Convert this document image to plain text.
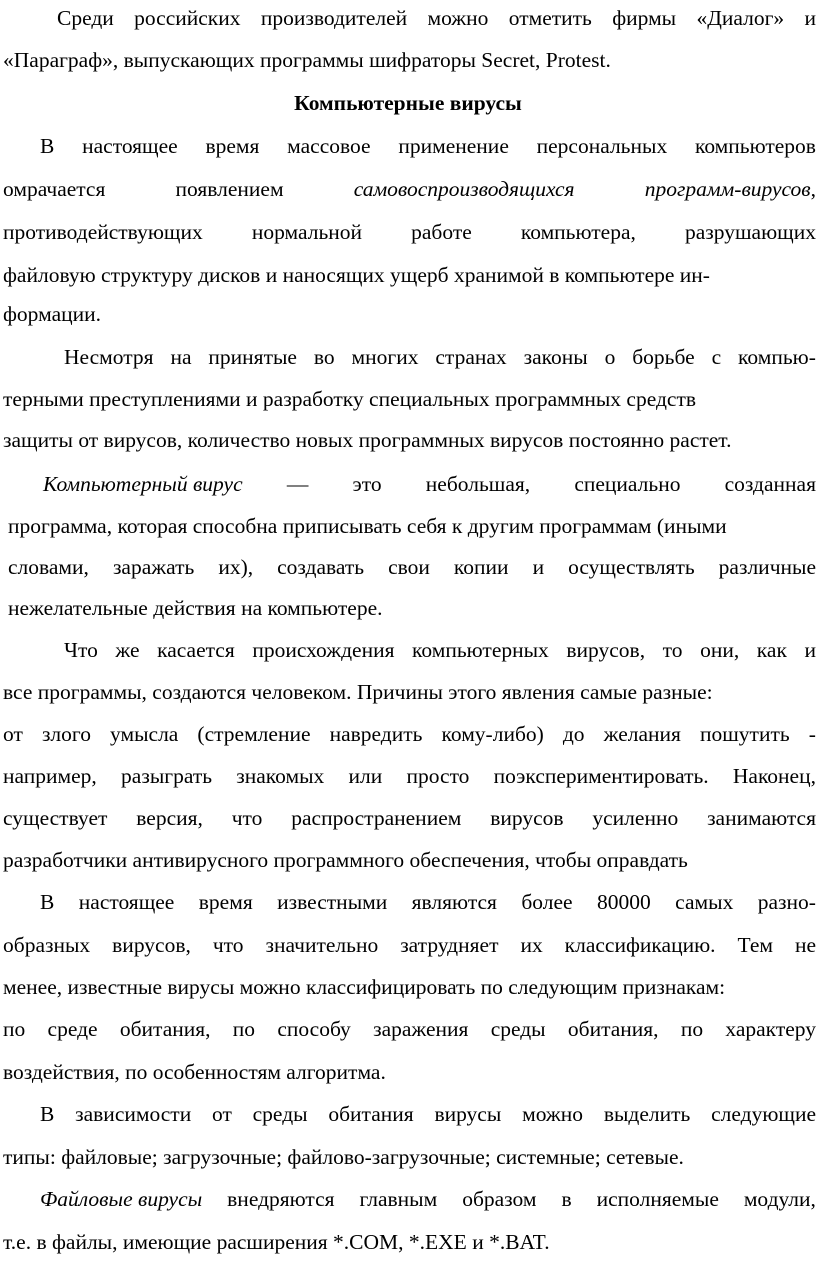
Среди российских производителей можно отметить фирмы «Диалог» и
«Параграф», выпускающих программы шифраторы Secret, Protest.
Компьютерные вирусы
В настоящее время массовое применение персональных компьютеров
омрачается	появлением	самовоспроизводящихся	программ-вирусов,
противодействующих нормальной работе компьютера, разрушающих
файловую структуру дисков и наносящих ущерб хранимой в компьютере ин-
формации.
Несмотря на принятые во многих странах законы о борьбе с компью-
терными преступлениями и разработку специальных программных средств
защиты от вирусов, количество новых программных вирусов постоянно растет.
Компьютерный вирус — это небольшая, специально созданная
программа, которая способна приписывать себя к другим программам (иными
словами, заражать их), создавать свои копии и осуществлять различные
нежелательные действия на компьютере.
Что же касается происхождения компьютерных вирусов, то они, как и
все программы, создаются человеком. Причины этого явления самые разные:
от злого умысла (стремление навредить кому-либо) до желания пошутить -
например, разыграть знакомых или просто поэкспериментировать. Наконец,
существует версия, что распространением вирусов усиленно занимаются
разработчики антивирусного программного обеспечения, чтобы оправдать
В настоящее время известными являются более 80000 самых разно-
образных вирусов, что значительно затрудняет их классификацию. Тем не
менее, известные вирусы можно классифицировать по следующим признакам:
по среде обитания, по способу заражения среды обитания, по характеру
воздействия, по особенностям алгоритма.
В зависимости от среды обитания вирусы можно выделить следующие
типы: файловые; загрузочные; файлово-загрузочные; системные; сетевые.
Файловые вирусы внедряются главным образом в исполняемые модули,
т.е. в файлы, имеющие расширения *.COM, *.EXE и *.BAT.
